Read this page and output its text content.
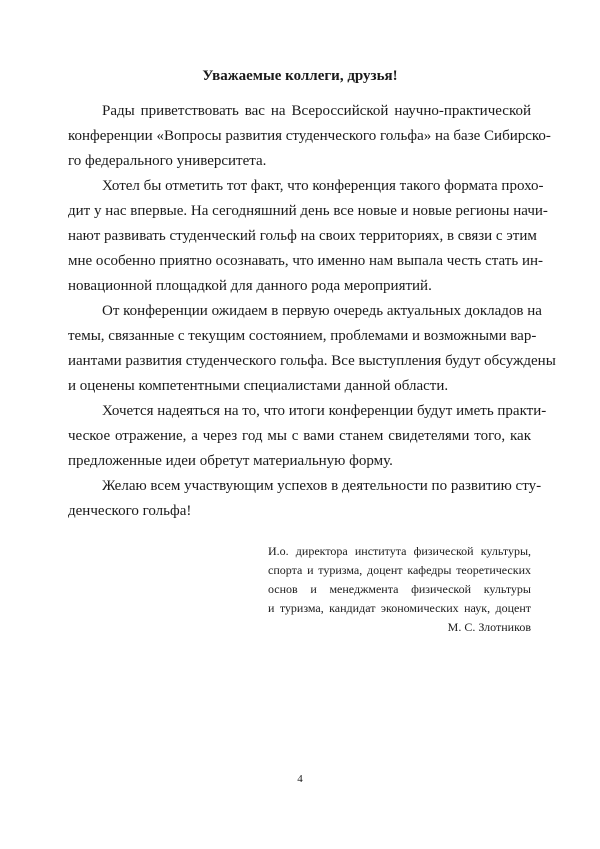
Уважаемые коллеги, друзья!
Рады приветствовать вас на Всероссийской научно-практической
конференции «Вопросы развития студенческого гольфа» на базе Сибирско-
го федерального университета.
Хотел бы отметить тот факт, что конференция такого формата прохо-
дит у нас впервые. На сегодняшний день все новые и новые регионы начи-
нают развивать студенческий гольф на своих территориях, в связи с этим
мне особенно приятно осознавать, что именно нам выпала честь стать ин-
новационной площадкой для данного рода мероприятий.
От конференции ожидаем в первую очередь актуальных докладов на
темы, связанные с текущим состоянием, проблемами и возможными вар-
иантами развития студенческого гольфа. Все выступления будут обсуждены
и оценены компетентными специалистами данной области.
Хочется надеяться на то, что итоги конференции будут иметь практи-
ческое отражение, а через год мы с вами станем свидетелями того, как
предложенные идеи обретут материальную форму.
Желаю всем участвующим успехов в деятельности по развитию сту-
денческого гольфа!
И.о. директора института физической культуры,
спорта и туризма, доцент кафедры теоретических
основ и менеджмента физической культуры
и туризма, кандидат экономических наук, доцент
М. С. Злотников
4
